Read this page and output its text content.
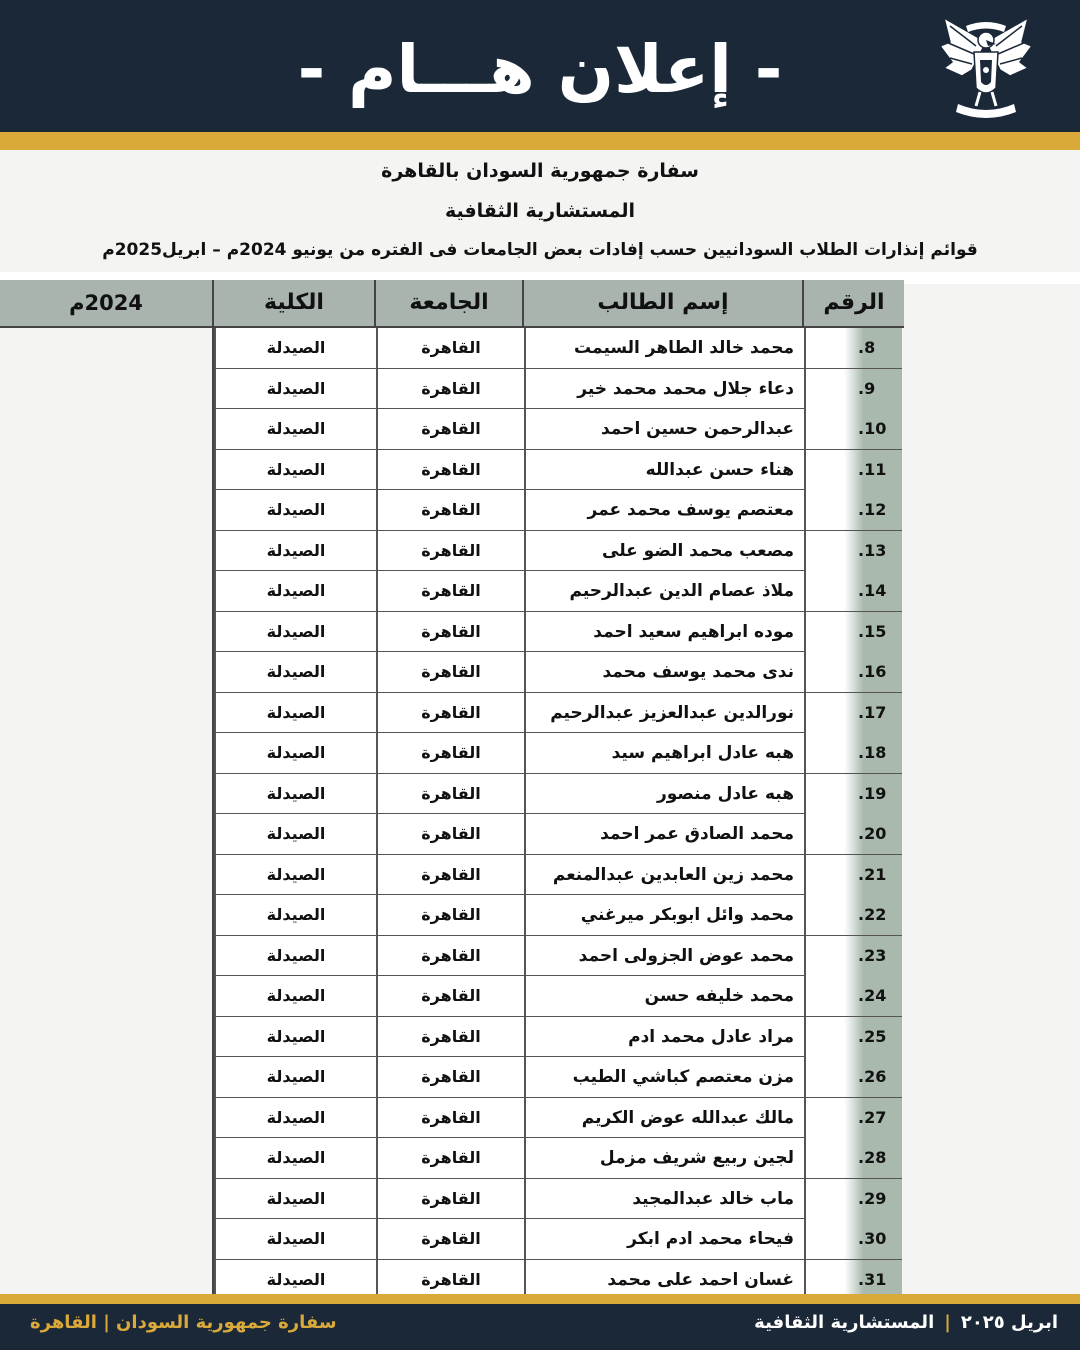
- إعلان هـــام -
سفارة جمهورية السودان بالقاهرة
المستشارية الثقافية
قوائم إنذارات الطلاب السودانيين حسب إفادات بعض الجامعات فى الفتره من يونيو 2024م – ابريل2025م
2024م	الكلية	الجامعة	إسم الطالب	الرقم
الصيدلة	القاهرة	محمد خالد الطاهر السيمت	8.
الصيدلة	القاهرة	دعاء جلال محمد محمد خير	9.
الصيدلة	القاهرة	عبدالرحمن حسين احمد	10.
الصيدلة	القاهرة	هناء حسن عبدالله	11.
الصيدلة	القاهرة	معتصم يوسف محمد عمر	12.
الصيدلة	القاهرة	مصعب محمد الضو على	13.
الصيدلة	القاهرة	ملاذ عصام الدين عبدالرحيم	14.
الصيدلة	القاهرة	موده ابراهيم سعيد احمد	15.
الصيدلة	القاهرة	ندى محمد يوسف محمد	16.
الصيدلة	القاهرة	نورالدين عبدالعزيز عبدالرحيم	17.
الصيدلة	القاهرة	هبه عادل ابراهيم سيد	18.
الصيدلة	القاهرة	هبه عادل منصور	19.
الصيدلة	القاهرة	محمد الصادق عمر احمد	20.
الصيدلة	القاهرة	محمد زين العابدين عبدالمنعم	21.
الصيدلة	القاهرة	محمد وائل ابوبكر ميرغني	22.
الصيدلة	القاهرة	محمد عوض الجزولى احمد	23.
الصيدلة	القاهرة	محمد خليفه حسن	24.
الصيدلة	القاهرة	مراد عادل محمد ادم	25.
الصيدلة	القاهرة	مزن معتصم كباشي الطيب	26.
الصيدلة	القاهرة	مالك عبدالله عوض الكريم	27.
الصيدلة	القاهرة	لجين ربيع شريف مزمل	28.
الصيدلة	القاهرة	ماب خالد عبدالمجيد	29.
الصيدلة	القاهرة	فيحاء محمد ادم ابكر	30.
الصيدلة	القاهرة	غسان احمد على محمد	31.
سفارة جمهورية السودان | القاهرة	ابريل ٢٠٢٥|المستشارية الثقافية
